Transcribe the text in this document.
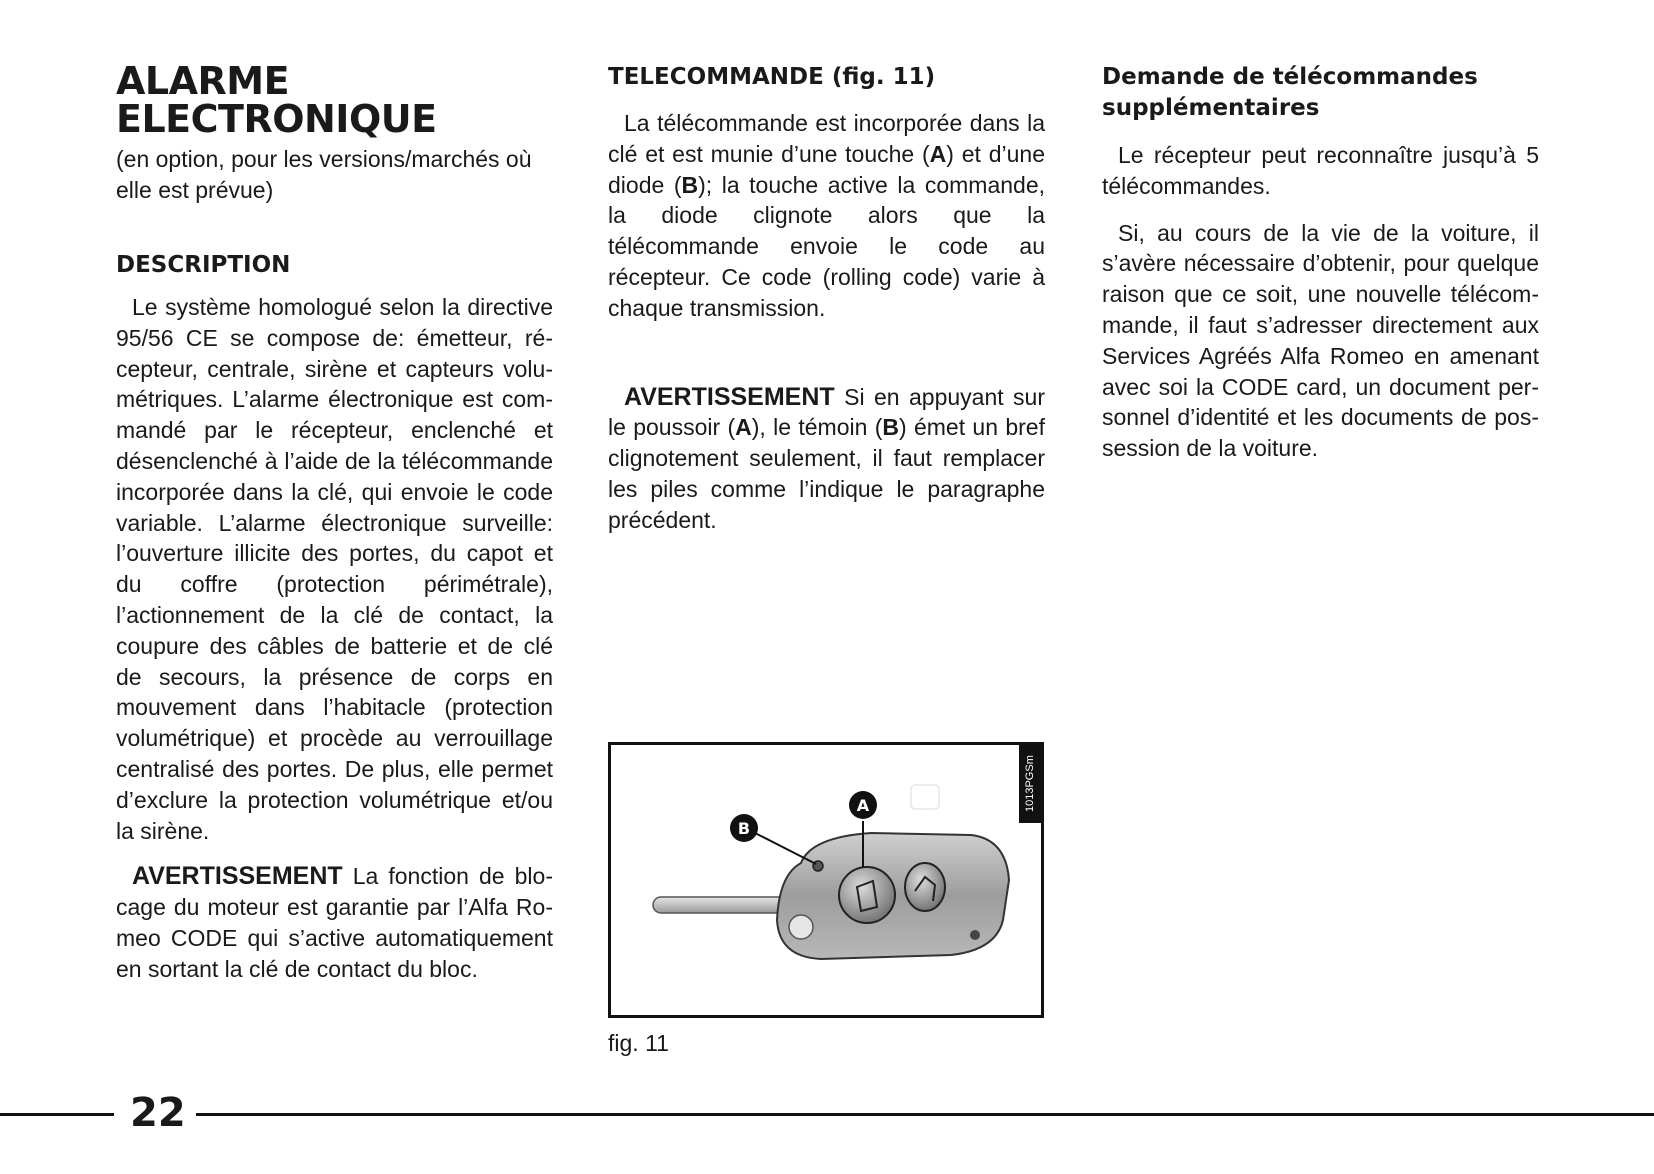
ALARME
ELECTRONIQUE

(en option, pour les versions/marchés où elle est prévue)

DESCRIPTION

Le système homologué selon la directive 95/56 CE se compose de: émetteur, récepteur, centrale, sirène et capteurs volumétriques. L’alarme électronique est commandé par le récepteur, enclenché et désenclenché à l’aide de la télécommande incorporée dans la clé, qui envoie le code variable. L’alarme électronique surveille: l’ouverture illicite des portes, du capot et du coffre (protection périmétrale), l’actionnement de la clé de contact, la coupure des câbles de batterie et de clé de secours, la présence de corps en mouvement dans l’habitacle (protection volumétrique) et procède au verrouillage centralisé des portes. De plus, elle permet d’exclure la protection volumétrique et/ou la sirène.

AVERTISSEMENT La fonction de blocage du moteur est garantie par l’Alfa Romeo CODE qui s’active automatiquement en sortant la clé de contact du bloc.

TELECOMMANDE (fig. 11)

La télécommande est incorporée dans la clé et est munie d’une touche (A) et d’une diode (B); la touche active la commande, la diode clignote alors que la télécommande envoie le code au récepteur. Ce code (rolling code) varie à chaque transmission.

AVERTISSEMENT Si en appuyant sur le poussoir (A), le témoin (B) émet un bref clignotement seulement, il faut remplacer les piles comme l’indique le paragraphe précédent.

1013PGSm
A
B
fig. 11
Demande de télécommandes supplémentaires

Le récepteur peut reconnaître jusqu’à 5 télécommandes.

Si, au cours de la vie de la voiture, il s’avère nécessaire d’obtenir, pour quelque raison que ce soit, une nouvelle télécommande, il faut s’adresser directement aux Services Agréés Alfa Romeo en amenant avec soi la CODE card, un document personnel d’identité et les documents de possession de la voiture.

22
